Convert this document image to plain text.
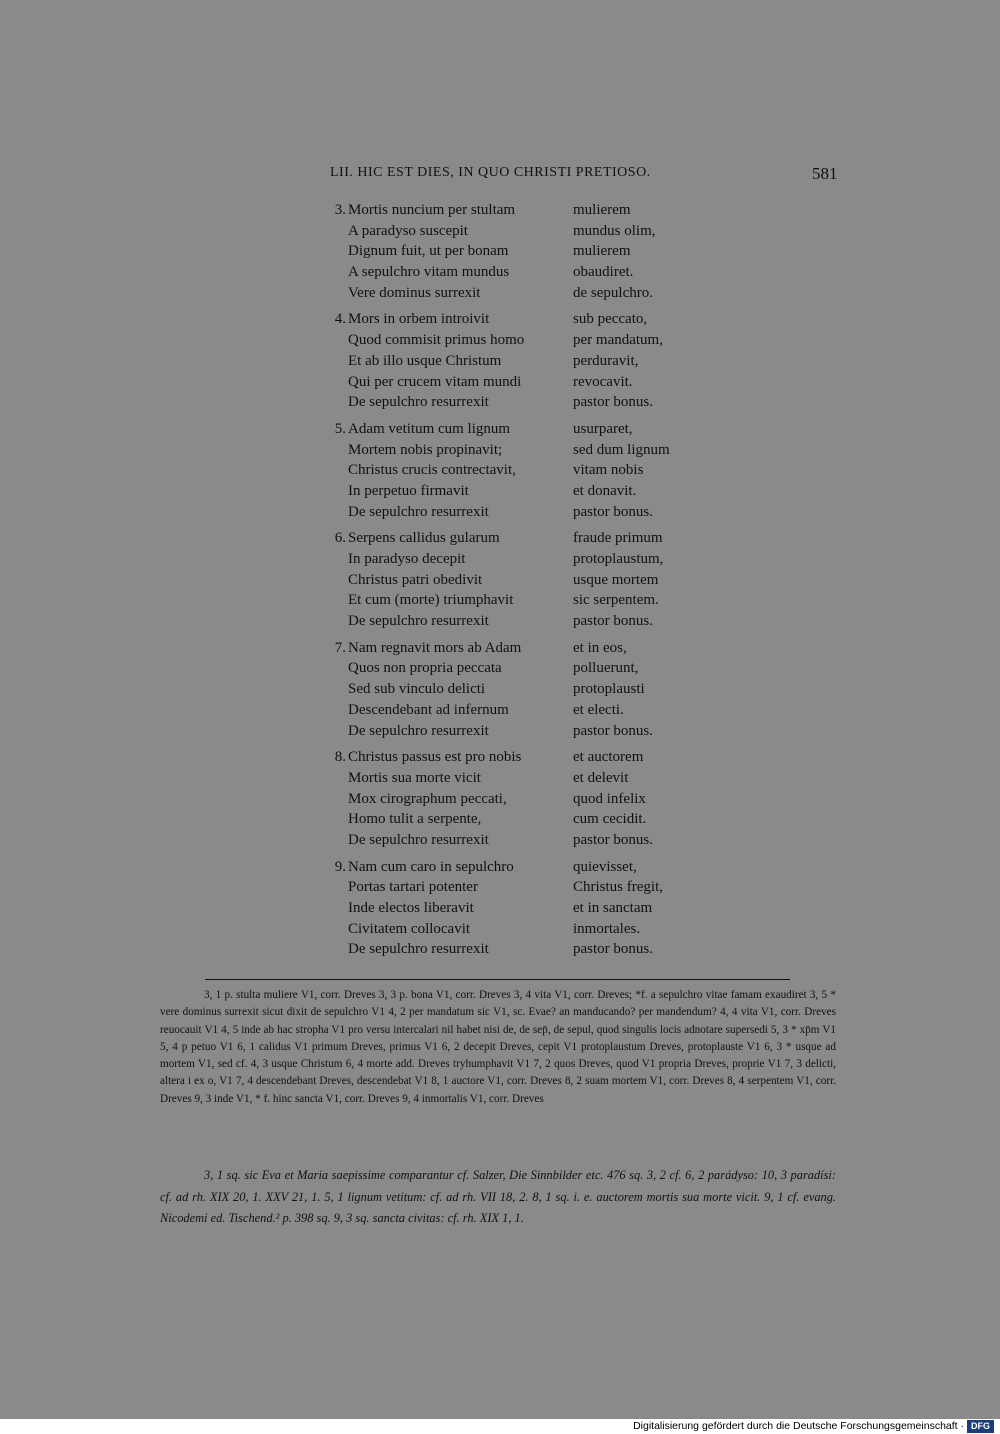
LII. HIC EST DIES, IN QUO CHRISTI PRETIOSO.	581
3. Mortis nuncium per stultam	mulierem
A paradyso suscepit	mundus olim,
Dignum fuit, ut per bonam	mulierem
A sepulchro vitam mundus	obaudiret.
Vere dominus surrexit	de sepulchro.
4. Mors in orbem introivit	sub peccato,
Quod commisit primus homo	per mandatum,
Et ab illo usque Christum	perduravit,
Qui per crucem vitam mundi	revocavit.
De sepulchro resurrexit	pastor bonus.
5. Adam vetitum cum lignum	usurparet,
Mortem nobis propinavit;	sed dum lignum
Christus crucis contrectavit,	vitam nobis
In perpetuo firmavit	et donavit.
De sepulchro resurrexit	pastor bonus.
6. Serpens callidus gularum	fraude primum
In paradyso decepit	protoplaustum,
Christus patri obedivit	usque mortem
Et cum (morte) triumphavit	sic serpentem.
De sepulchro resurrexit	pastor bonus.
7. Nam regnavit mors ab Adam	et in eos,
Quos non propria peccata	polluerunt,
Sed sub vinculo delicti	protoplausti
Descendebant ad infernum	et electi.
De sepulchro resurrexit	pastor bonus.
8. Christus passus est pro nobis	et auctorem
Mortis sua morte vicit	et delevit
Mox cirographum peccati,	quod infelix
Homo tulit a serpente,	cum cecidit.
De sepulchro resurrexit	pastor bonus.
9. Nam cum caro in sepulchro	quievisset,
Portas tartari potenter	Christus fregit,
Inde electos liberavit	et in sanctam
Civitatem collocavit	inmortales.
De sepulchro resurrexit	pastor bonus.

3, 1 p. stulta muliere V1, corr. Dreves 3, 3 p. bona V1, corr. Dreves 3, 4 vita V1, corr. Dreves; *f. a sepulchro vitae famam exaudiret 3, 5 * vere dominus surrexit sicut dixit de sepulchro V1 4, 2 per mandatum sic V1, sc. Evae? an manducando? per mandendum? 4, 4 vita V1, corr. Dreves reuocauit V1 4, 5 inde ab hac stropha V1 pro versu intercalari nil habet nisi de, de sep̄, de sepul, quod singulis locis adnotare supersedi 5, 3 * xp̄m V1 5, 4 p petuo V1 6, 1 calidus V1 primum Dreves, primus V1 6, 2 decepit Dreves, cepit V1 protoplaustum Dreves, protoplauste V1 6, 3 * usque ad mortem V1, sed cf. 4, 3 usque Christum 6, 4 morte add. Dreves tryhumphavit V1 7, 2 quos Dreves, quod V1 propria Dreves, proprie V1 7, 3 delicti, altera i ex o, V1 7, 4 descendebant Dreves, descendebat V1 8, 1 auctore V1, corr. Dreves 8, 2 suam mortem V1, corr. Dreves 8, 4 serpentem V1, corr. Dreves 9, 3 inde V1, * f. hinc sancta V1, corr. Dreves 9, 4 inmortalis V1, corr. Dreves

3, 1 sq. sic Eva et Maria saepissime comparantur cf. Salzer, Die Sinnbilder etc. 476 sq. 3, 2 cf. 6, 2 parádyso: 10, 3 paradísi: cf. ad rh. XIX 20, 1. XXV 21, 1. 5, 1 lignum vetitum: cf. ad rh. VII 18, 2. 8, 1 sq. i. e. auctorem mortis sua morte vicit. 9, 1 cf. evang. Nicodemi ed. Tischend.² p. 398 sq. 9, 3 sq. sancta civitas: cf. rh. XIX 1, 1.

Digitalisierung gefördert durch die Deutsche Forschungsgemeinschaft · DFG
